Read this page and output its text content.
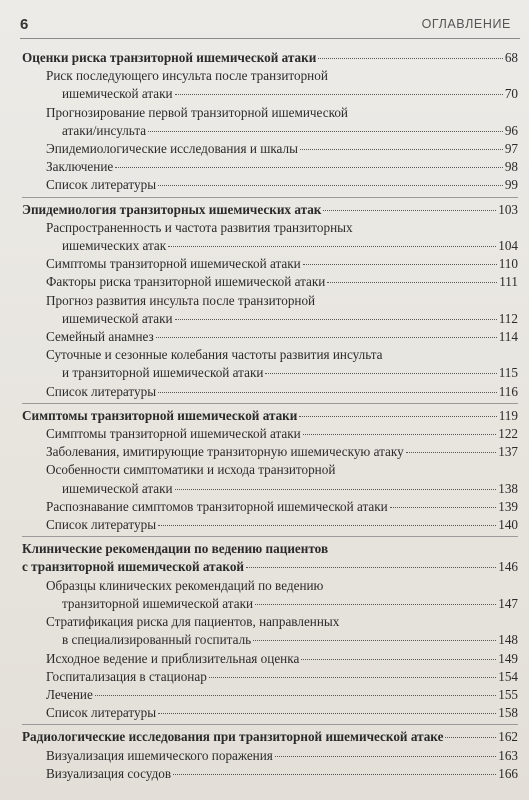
6	ОГЛАВЛЕНИЕ
Оценки риска транзиторной ишемической атаки	68
Риск последующего инсульта после транзиторной
ишемической атаки	70
Прогнозирование первой транзиторной ишемической
атаки/инсульта	96
Эпидемиологические исследования и шкалы	97
Заключение	98
Список литературы	99
Эпидемиология транзиторных ишемических атак	103
Распространенность и частота развития транзиторных
ишемических атак	104
Симптомы транзиторной ишемической атаки	110
Факторы риска транзиторной ишемической атаки	111
Прогноз развития инсульта после транзиторной
ишемической атаки	112
Семейный анамнез	114
Суточные и сезонные колебания частоты развития инсульта
и транзиторной ишемической атаки	115
Список литературы	116
Симптомы транзиторной ишемической атаки	119
Симптомы транзиторной ишемической атаки	122
Заболевания, имитирующие транзиторную ишемическую атаку	137
Особенности симптоматики и исхода транзиторной
ишемической атаки	138
Распознавание симптомов транзиторной ишемической атаки	139
Список литературы	140
Клинические рекомендации по ведению пациентов
с транзиторной ишемической атакой	146
Образцы клинических рекомендаций по ведению
транзиторной ишемической атаки	147
Стратификация риска для пациентов, направленных
в специализированный госпиталь	148
Исходное ведение и приблизительная оценка	149
Госпитализация в стационар	154
Лечение	155
Список литературы	158
Радиологические исследования при транзиторной ишемической атаке	162
Визуализация ишемического поражения	163
Визуализация сосудов	166
